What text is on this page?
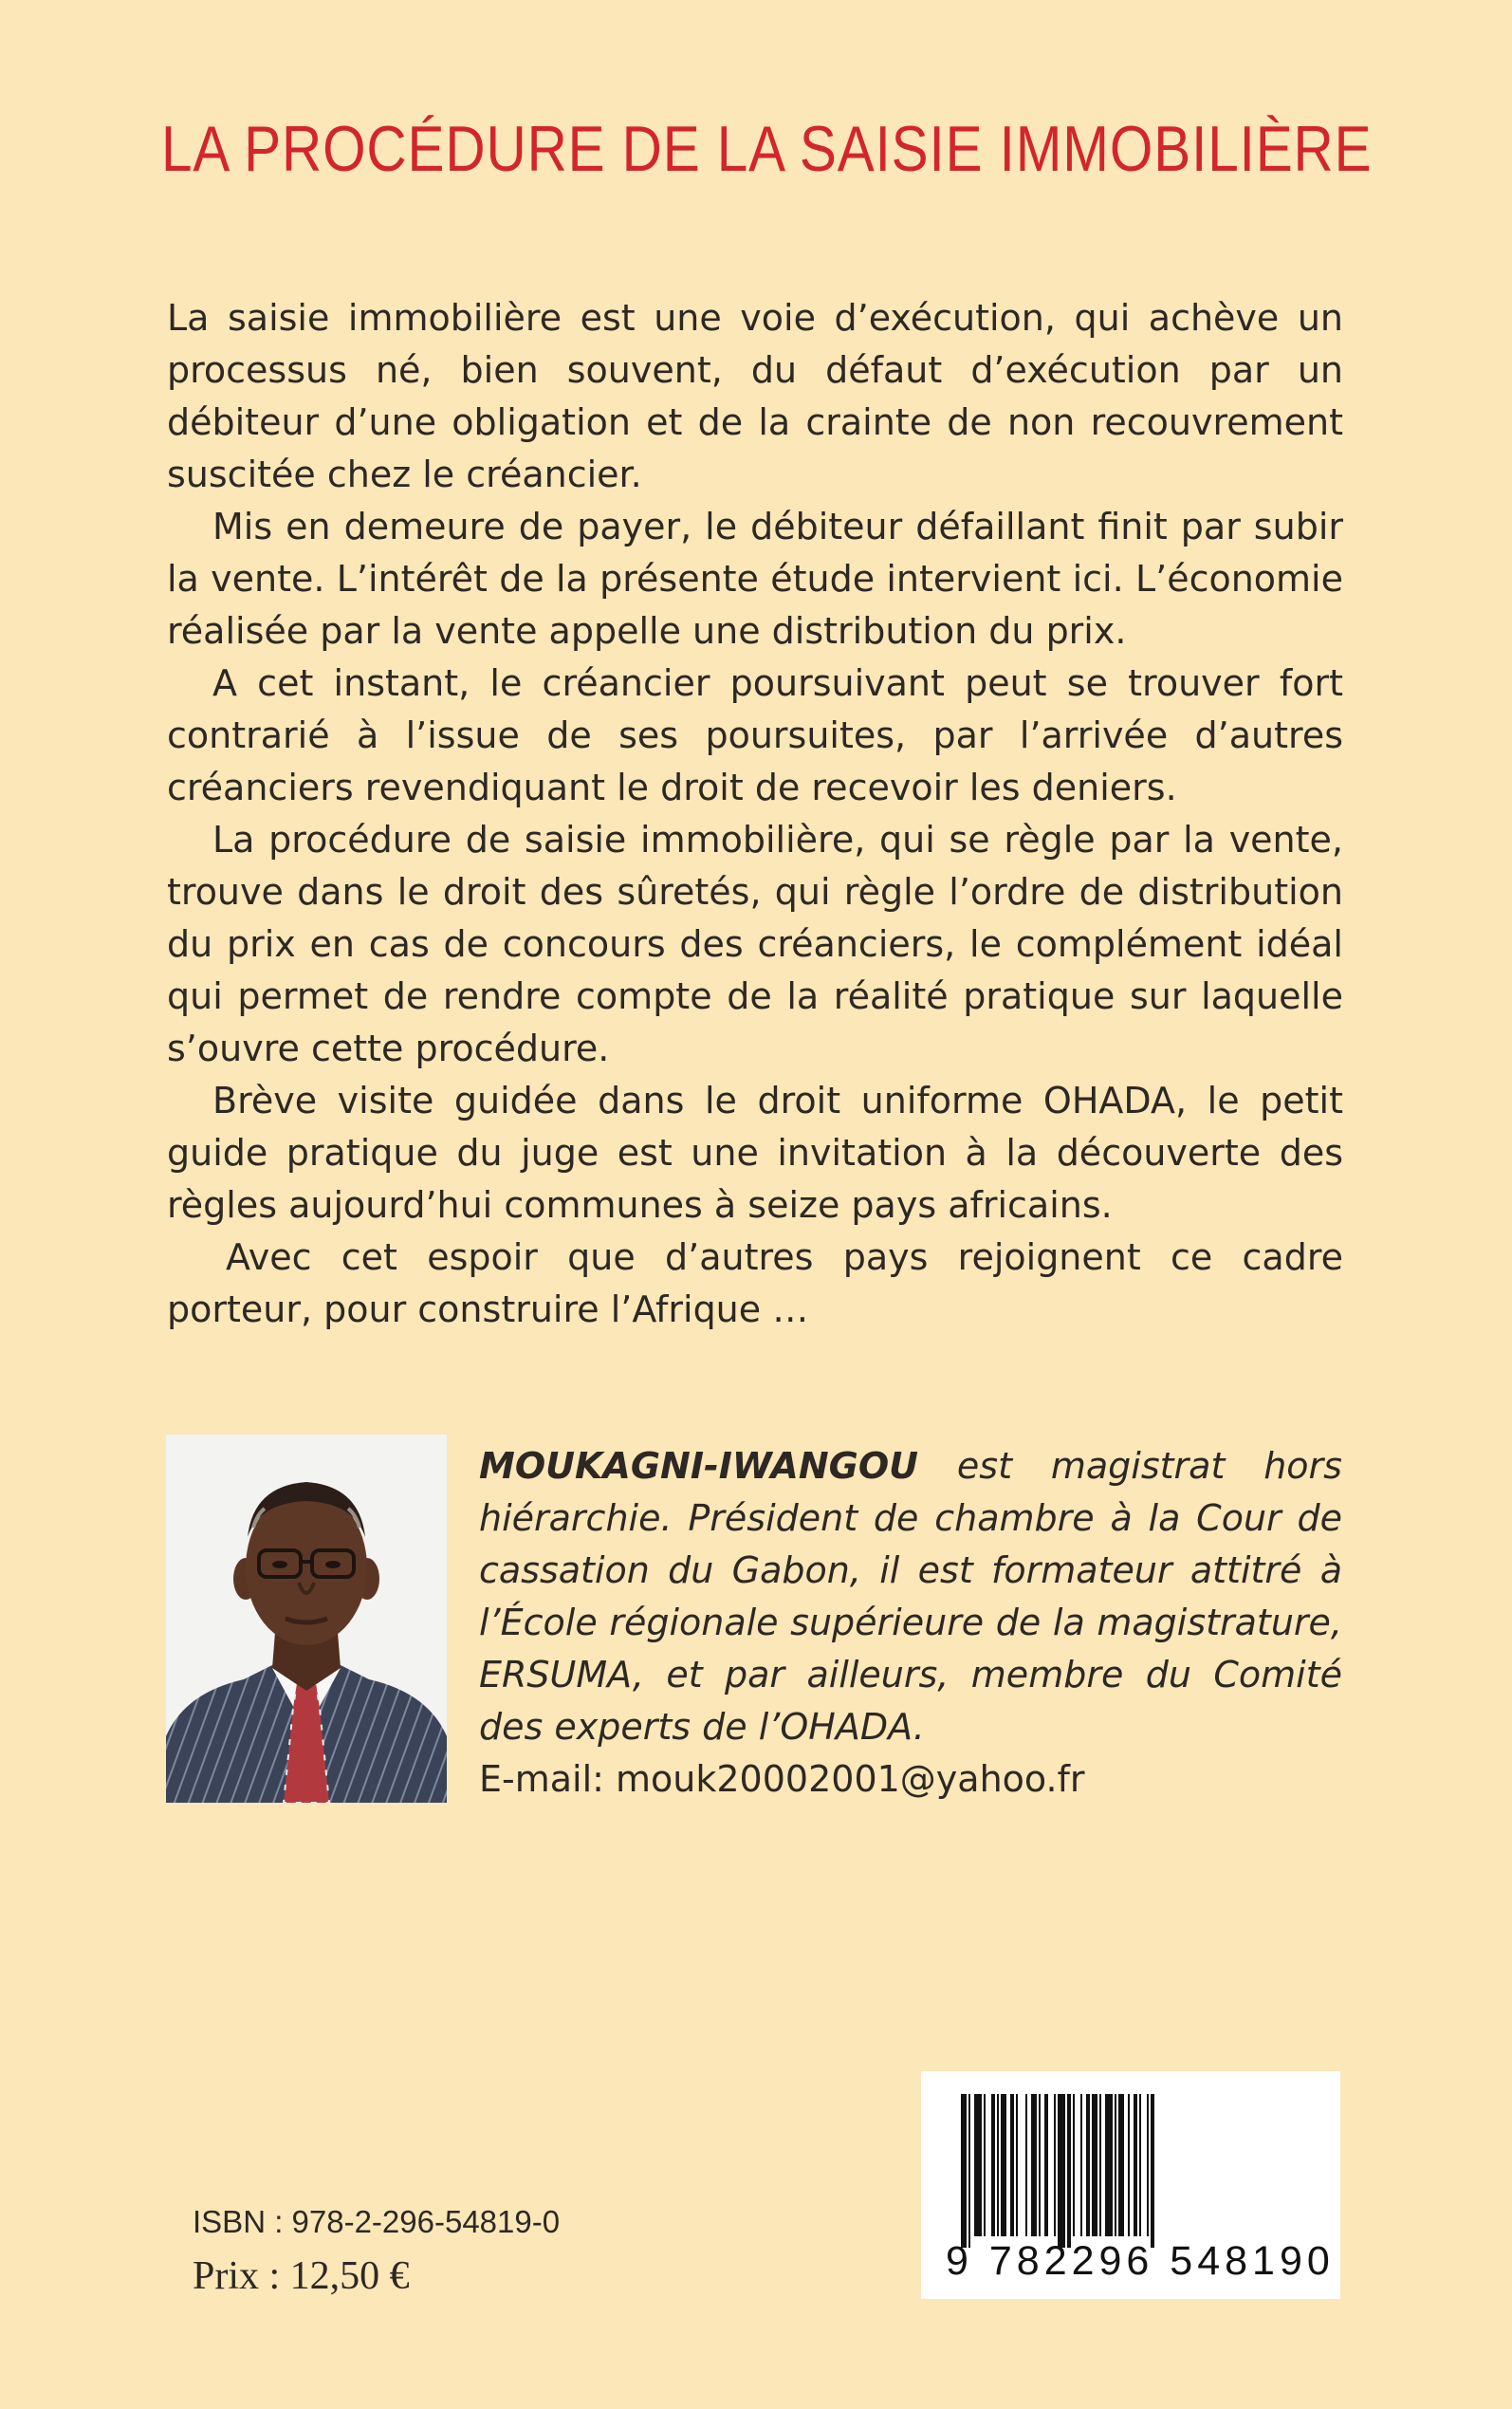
LA PROCÉDURE DE LA SAISIE IMMOBILIÈRE

La saisie immobilière est une voie d’exécution, qui achève un processus né, bien souvent, du défaut d’exécution par un débiteur d’une obligation et de la crainte de non recouvrement suscitée chez le créancier.

Mis en demeure de payer, le débiteur défaillant finit par subir la vente. L’intérêt de la présente étude intervient ici. L’économie réalisée par la vente appelle une distribution du prix.

A cet instant, le créancier poursuivant peut se trouver fort contrarié à l’issue de ses poursuites, par l’arrivée d’autres créanciers revendiquant le droit de recevoir les deniers.

La procédure de saisie immobilière, qui se règle par la vente, trouve dans le droit des sûretés, qui règle l’ordre de distribution du prix en cas de concours des créanciers, le complément idéal qui permet de rendre compte de la réalité pratique sur laquelle s’ouvre cette procédure.

Brève visite guidée dans le droit uniforme OHADA, le petit guide pratique du juge est une invitation à la découverte des règles aujourd’hui communes à seize pays africains.

Avec cet espoir que d’autres pays rejoignent ce cadre porteur, pour construire l’Afrique …

MOUKAGNI-IWANGOU est magistrat hors hiérarchie. Président de chambre à la Cour de cassation du Gabon, il est formateur attitré à l’École régionale supérieure de la magistrature, ERSUMA, et par ailleurs, membre du Comité des experts de l’OHADA.

E-mail: mouk20002001@yahoo.fr

ISBN : 978-2-296-54819-0
Prix : 12,50 €	9 782296 548190
